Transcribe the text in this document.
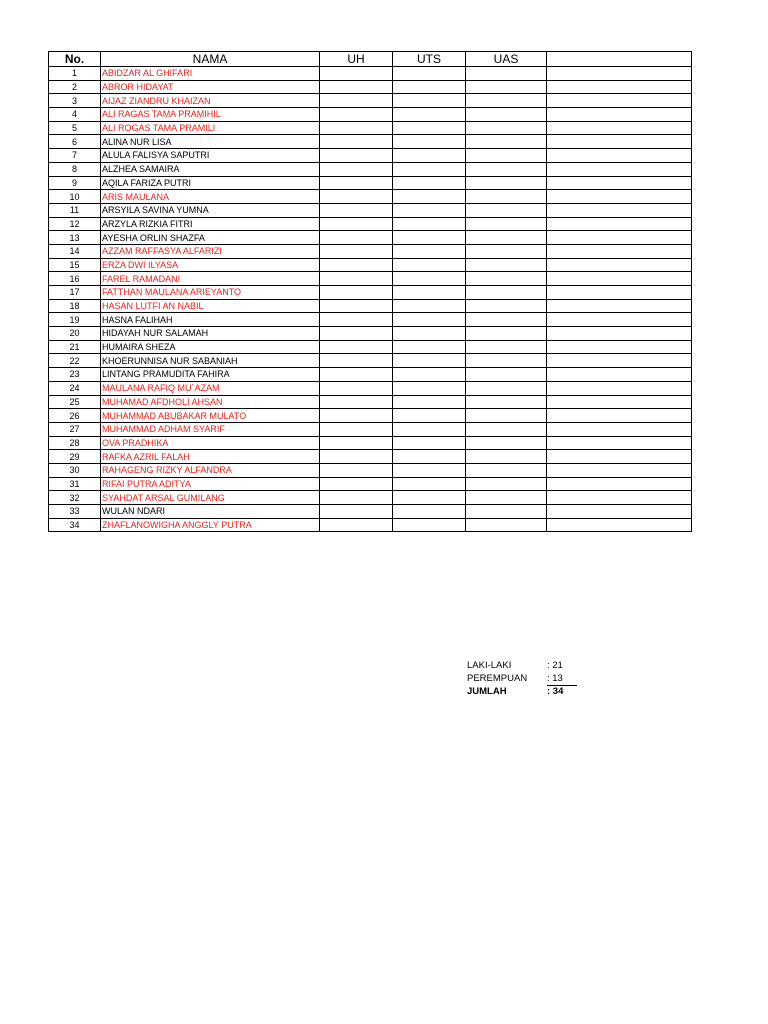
No.	NAMA	UH	UTS	UAS	
1	ABIDZAR AL GHIFARI				
2	ABROR HIDAYAT				
3	AIJAZ ZIANDRU KHAIZAN				
4	ALI RAGAS TAMA PRAMIHIL				
5	ALI ROGAS TAMA PRAMILI				
6	ALINA NUR LISA				
7	ALULA FALISYA SAPUTRI				
8	ALZHEA SAMAIRA				
9	AQILA FARIZA PUTRI				
10	ARIS MAULANA				
11	ARSYILA SAVINA YUMNA				
12	ARZYLA RIZKIA FITRI				
13	AYESHA ORLIN SHAZFA				
14	AZZAM RAFFASYA ALFARIZI				
15	ERZA DWI ILYASA				
16	FAREL RAMADANI				
17	FATTHAN MAULANA ARIEYANTO				
18	HASAN LUTFI AN NABIL				
19	HASNA FALIHAH				
20	HIDAYAH NUR SALAMAH				
21	HUMAIRA SHEZA				
22	KHOERUNNISA NUR SABANIAH				
23	LINTANG PRAMUDITA FAHIRA				
24	MAULANA RAFIQ MU`AZAM				
25	MUHAMAD AFDHOLI AHSAN				
26	MUHAMMAD ABUBAKAR MULATO				
27	MUHAMMAD ADHAM SYARIF				
28	OVA PRADHIKA				
29	RAFKA AZRIL FALAH				
30	RAHAGENG RIZKY ALFANDRA				
31	RIFAI PUTRA ADITYA				
32	SYAHDAT ARSAL GUMILANG				
33	WULAN NDARI				
34	ZHAFLANOWIGHA ANGGLY PUTRA				
LAKI-LAKI	: 21
PEREMPUAN	: 13
JUMLAH	: 34
